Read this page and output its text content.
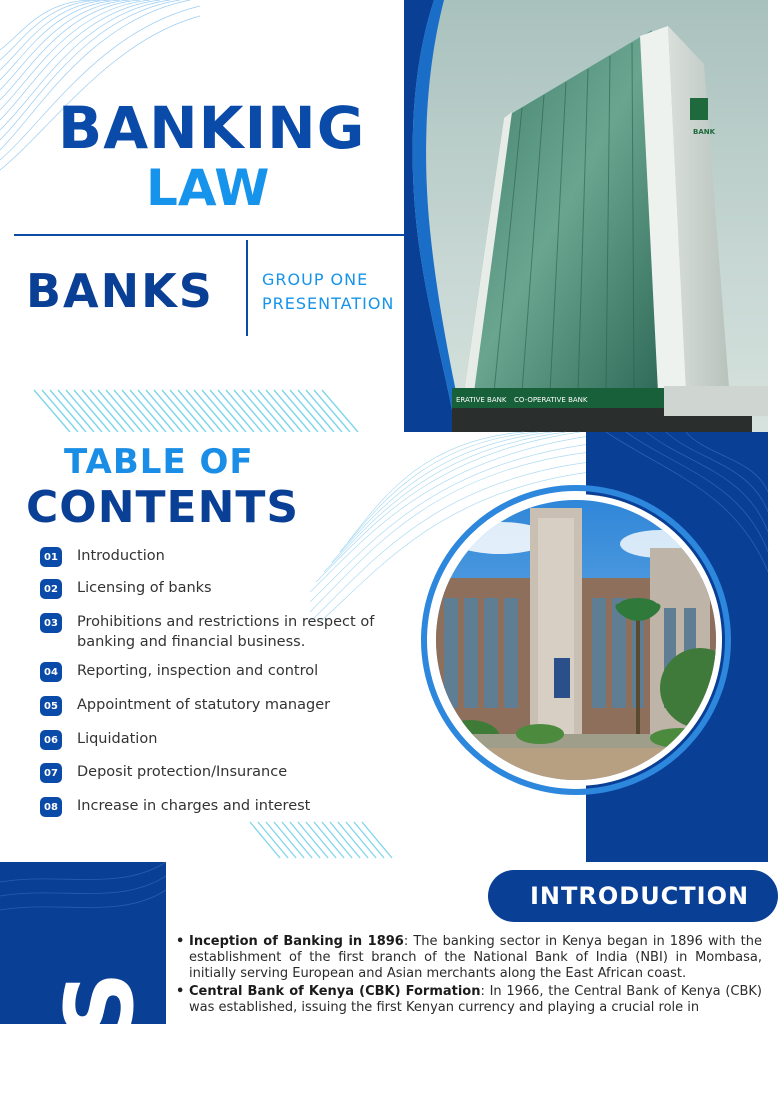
BANKING
LAW
BANKS	GROUP ONE
PRESENTATION
BANK
ERATIVE BANK CO-OPERATIVE BANK
TABLE OF
CONTENTS
01 Introduction
02 Licensing of banks
03 Prohibitions and restrictions in respect of banking and financial business.
04 Reporting, inspection and control
05 Appointment of statutory manager
06 Liquidation
07 Deposit protection/Insurance
08 Increase in charges and interest
KS
INTRODUCTION
• Inception of Banking in 1896: The banking sector in Kenya began in 1896 with the establishment of the first branch of the National Bank of India (NBI) in Mombasa, initially serving European and Asian merchants along the East African coast.
• Central Bank of Kenya (CBK) Formation: In 1966, the Central Bank of Kenya (CBK) was established, issuing the first Kenyan currency and playing a crucial role in
